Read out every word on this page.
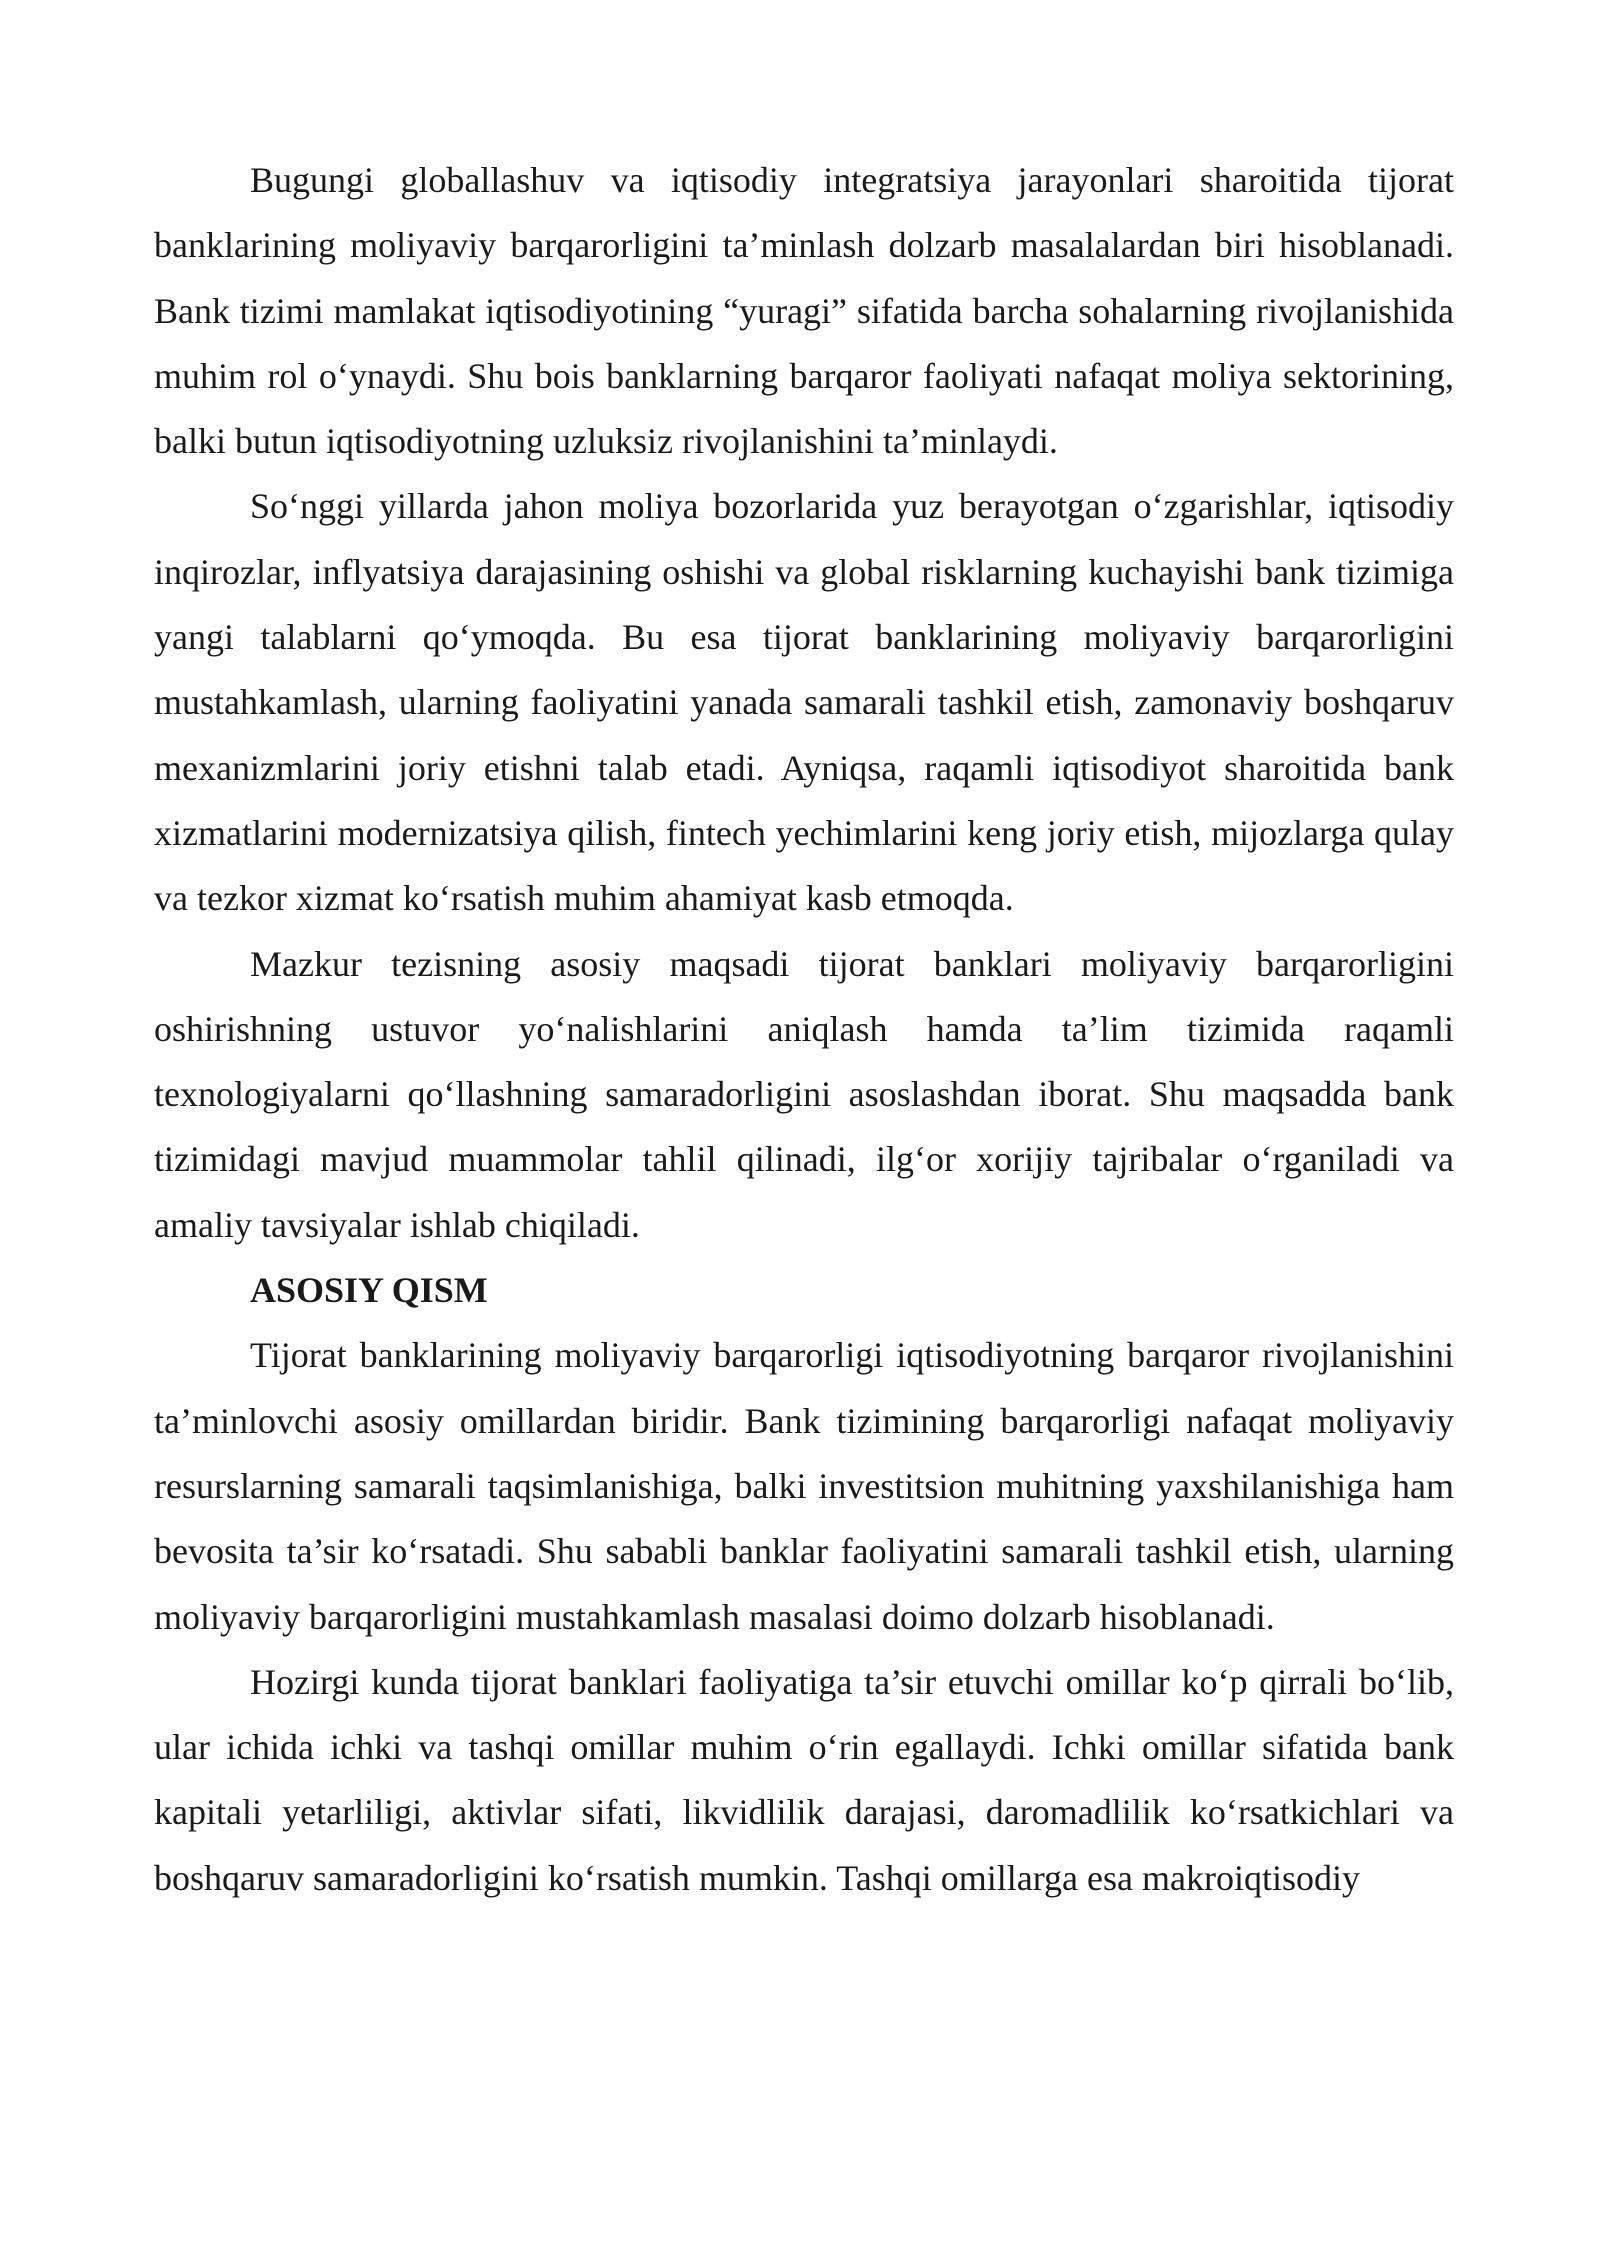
Bugungi globallashuv va iqtisodiy integratsiya jarayonlari sharoitida tijorat banklarining moliyaviy barqarorligini ta’minlash dolzarb masalalardan biri hisoblanadi. Bank tizimi mamlakat iqtisodiyotining “yuragi” sifatida barcha sohalarning rivojlanishida muhim rol o‘ynaydi. Shu bois banklarning barqaror faoliyati nafaqat moliya sektorining, balki butun iqtisodiyotning uzluksiz rivojlanishini ta’minlaydi.

So‘nggi yillarda jahon moliya bozorlarida yuz berayotgan o‘zgarishlar, iqtisodiy inqirozlar, inflyatsiya darajasining oshishi va global risklarning kuchayishi bank tizimiga yangi talablarni qo‘ymoqda. Bu esa tijorat banklarining moliyaviy barqarorligini mustahkamlash, ularning faoliyatini yanada samarali tashkil etish, zamonaviy boshqaruv mexanizmlarini joriy etishni talab etadi. Ayniqsa, raqamli iqtisodiyot sharoitida bank xizmatlarini modernizatsiya qilish, fintech yechimlarini keng joriy etish, mijozlarga qulay va tezkor xizmat ko‘rsatish muhim ahamiyat kasb etmoqda.

Mazkur tezisning asosiy maqsadi tijorat banklari moliyaviy barqarorligini oshirishning ustuvor yo‘nalishlarini aniqlash hamda ta’lim tizimida raqamli texnologiyalarni qo‘llashning samaradorligini asoslashdan iborat. Shu maqsadda bank tizimidagi mavjud muammolar tahlil qilinadi, ilg‘or xorijiy tajribalar o‘rganiladi va amaliy tavsiyalar ishlab chiqiladi.

ASOSIY QISM

Tijorat banklarining moliyaviy barqarorligi iqtisodiyotning barqaror rivojlanishini ta’minlovchi asosiy omillardan biridir. Bank tizimining barqarorligi nafaqat moliyaviy resurslarning samarali taqsimlanishiga, balki investitsion muhitning yaxshilanishiga ham bevosita ta’sir ko‘rsatadi. Shu sababli banklar faoliyatini samarali tashkil etish, ularning moliyaviy barqarorligini mustahkamlash masalasi doimo dolzarb hisoblanadi.

Hozirgi kunda tijorat banklari faoliyatiga ta’sir etuvchi omillar ko‘p qirrali bo‘lib, ular ichida ichki va tashqi omillar muhim o‘rin egallaydi. Ichki omillar sifatida bank kapitali yetarliligi, aktivlar sifati, likvidlilik darajasi, daromadlilik ko‘rsatkichlari va boshqaruv samaradorligini ko‘rsatish mumkin. Tashqi omillarga esa makroiqtisodiy
